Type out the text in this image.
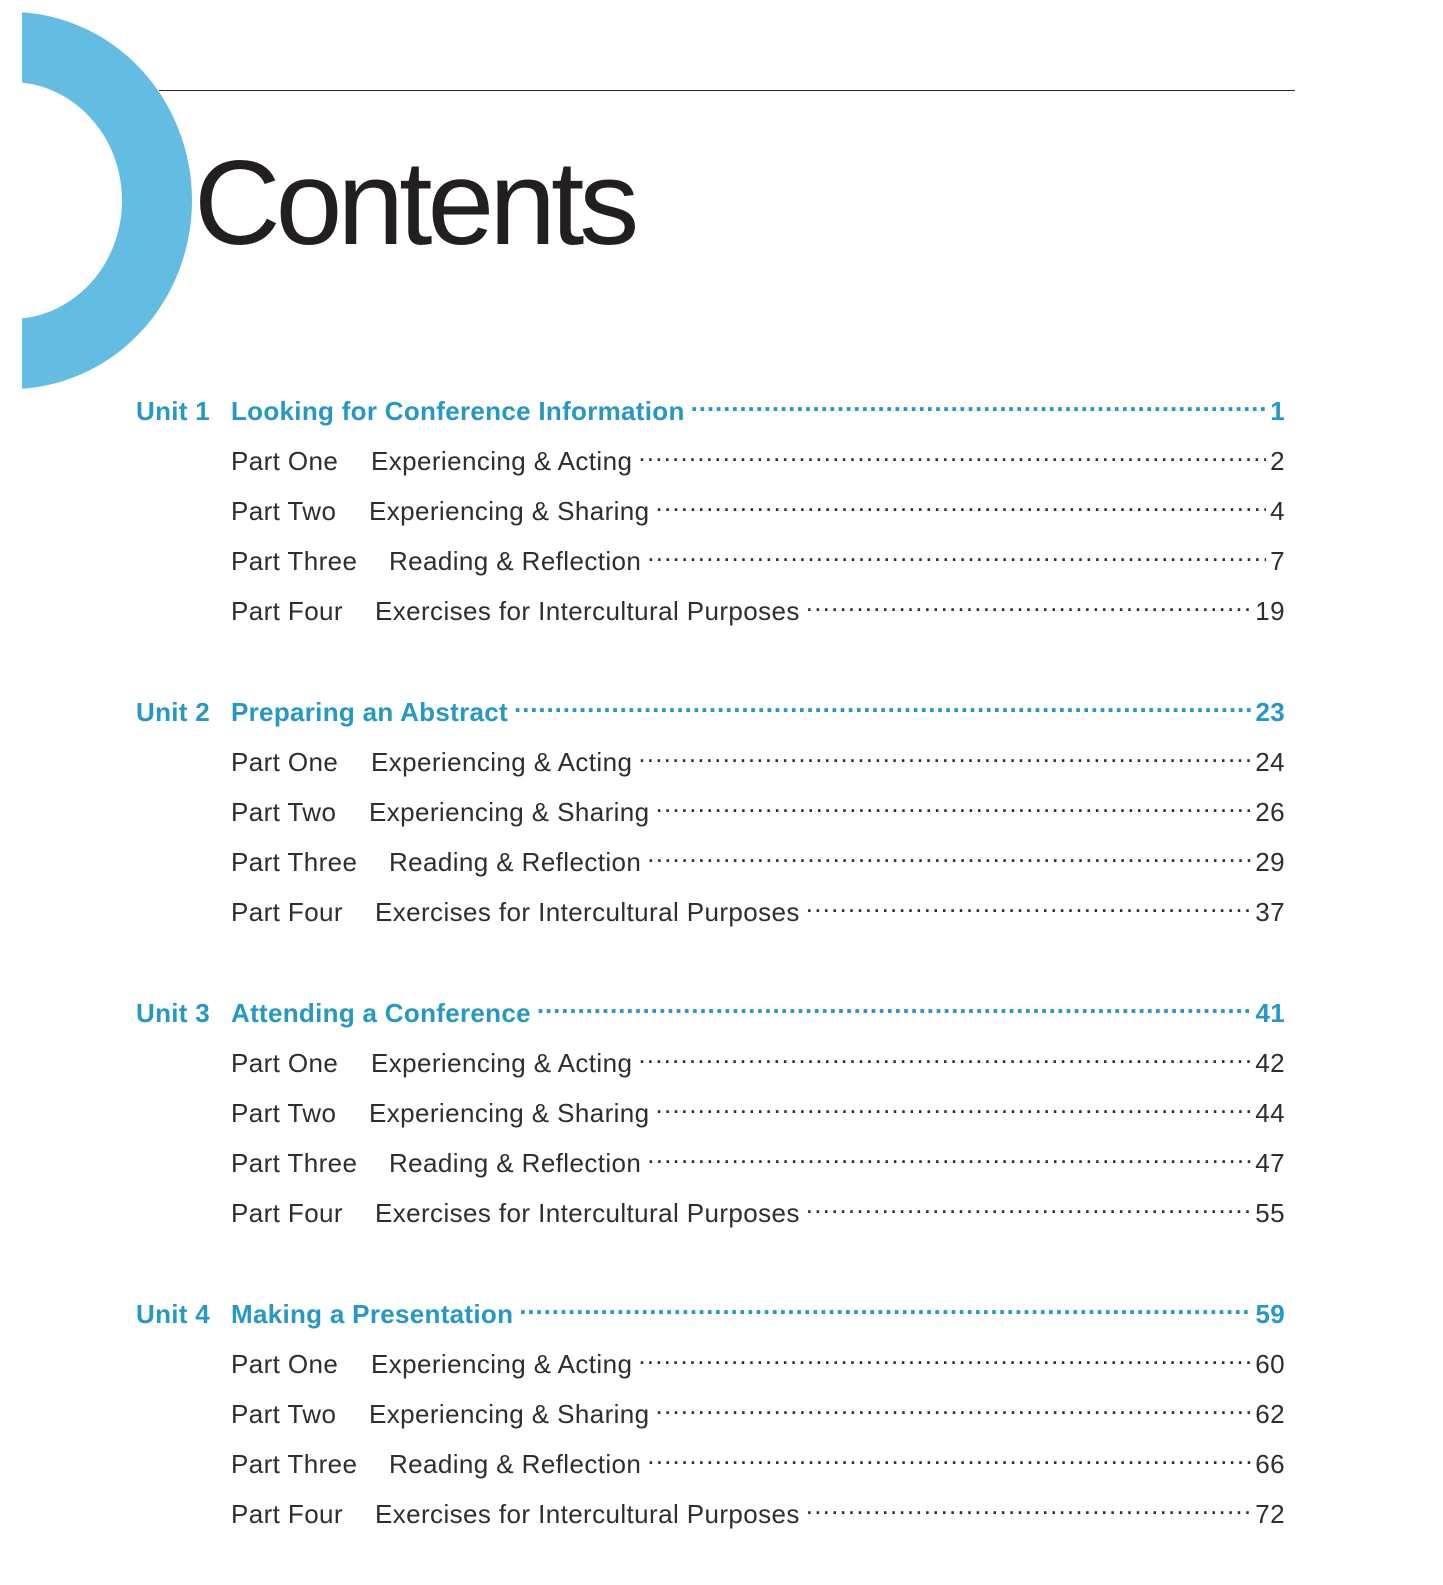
Contents
Unit 1 Looking for Conference Information .....	1
Part One	Experiencing & Acting .....	2
Part Two	Experiencing & Sharing .....	4
Part Three	Reading & Reflection .....	7
Part Four	Exercises for Intercultural Purposes .....	19
Unit 2 Preparing an Abstract .....	23
Part One	Experiencing & Acting .....	24
Part Two	Experiencing & Sharing .....	26
Part Three	Reading & Reflection .....	29
Part Four	Exercises for Intercultural Purposes .....	37
Unit 3 Attending a Conference .....	41
Part One	Experiencing & Acting .....	42
Part Two	Experiencing & Sharing .....	44
Part Three	Reading & Reflection .....	47
Part Four	Exercises for Intercultural Purposes .....	55
Unit 4 Making a Presentation .....	59
Part One	Experiencing & Acting .....	60
Part Two	Experiencing & Sharing .....	62
Part Three	Reading & Reflection .....	66
Part Four	Exercises for Intercultural Purposes .....	72
